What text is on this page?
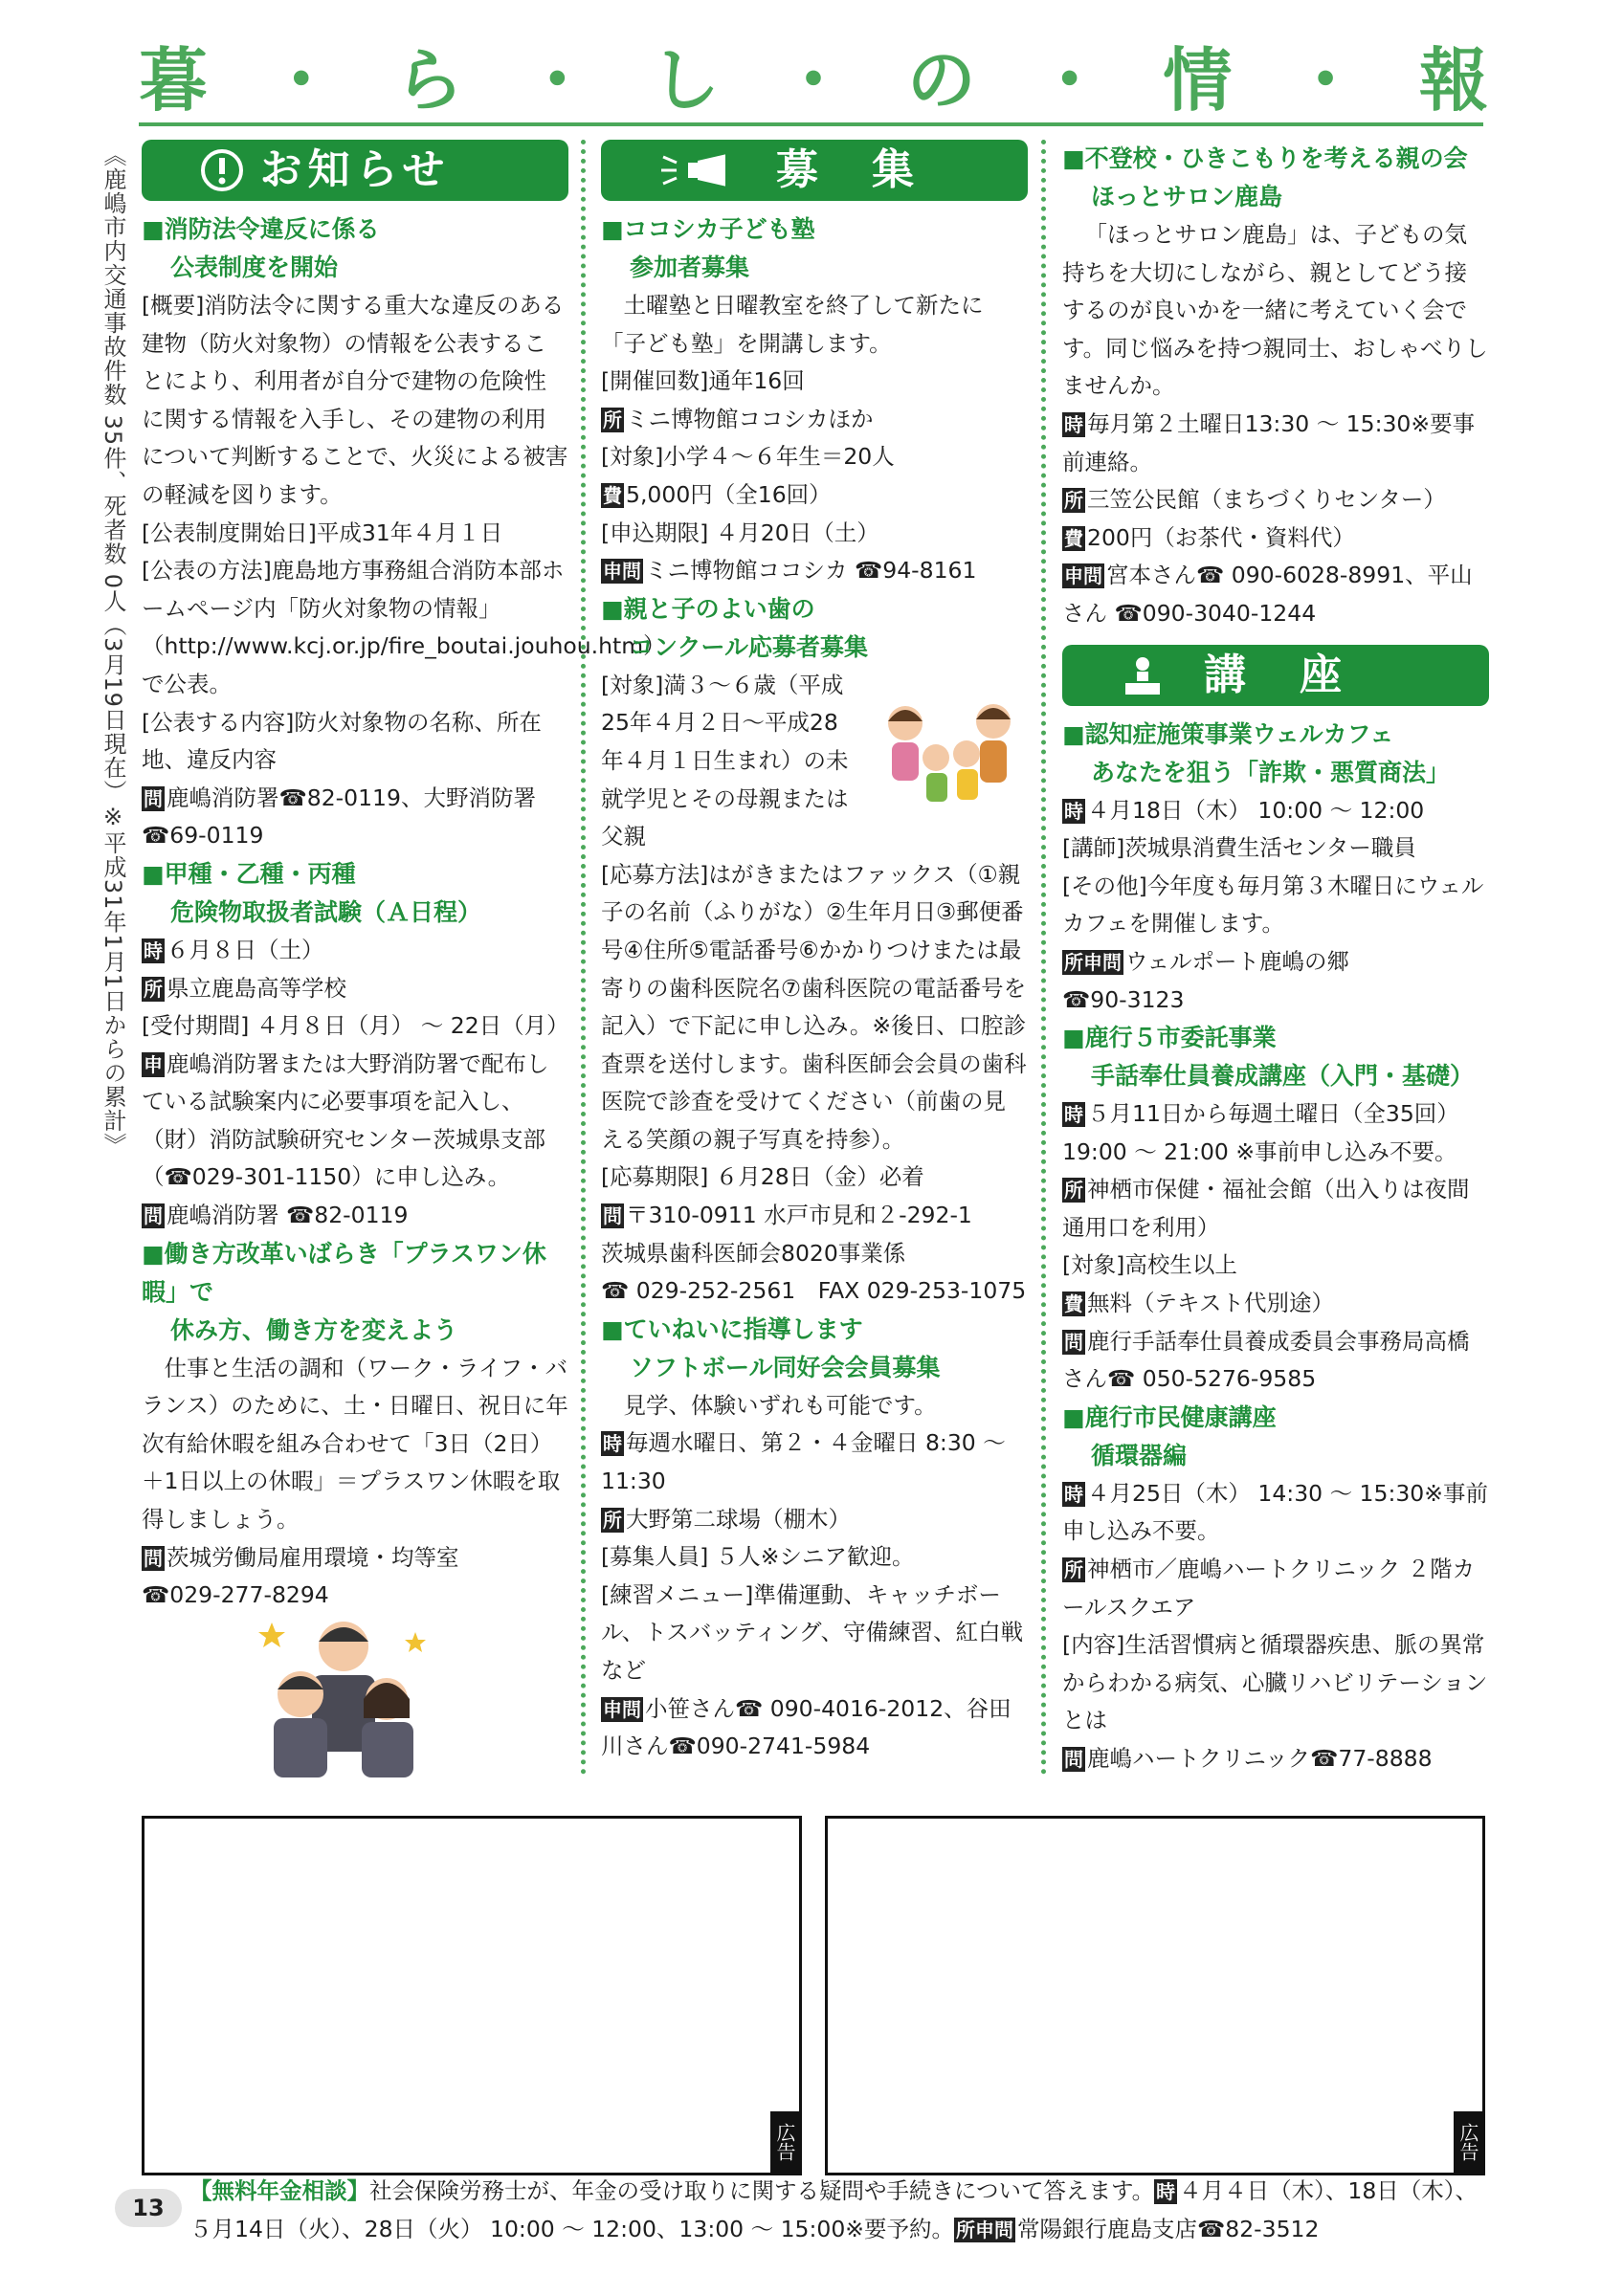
暮 ・ ら ・ し ・ の ・ 情 ・ 報
《鹿嶋市内交通事故件数 35件、死者数 0人（3月19日現在）※平成31年1月1日からの累計》	お知らせ
■消防法令違反に係る
公表制度を開始

[概要]消防法令に関する重大な違反のある建物（防火対象物）の情報を公表することにより、利用者が自分で建物の危険性に関する情報を入手し、その建物の利用について判断することで、火災による被害の軽減を図ります。

[公表制度開始日]平成31年４月１日

[公表の方法]鹿島地方事務組合消防本部ホームページ内「防火対象物の情報」（http://www.kcj.or.jp/fire_boutai.jouhou.htm）で公表。

[公表する内容]防火対象物の名称、所在地、違反内容

問 鹿嶋消防署☎82-0119、大野消防署☎69-0119

■甲種・乙種・丙種
危険物取扱者試験（Ａ日程）

時 ６月８日（土）

所 県立鹿島高等学校

[受付期間] ４月８日（月） ～ 22日（月）

申 鹿嶋消防署または大野消防署で配布している試験案内に必要事項を記入し、（財）消防試験研究センター茨城県支部（☎029-301-1150）に申し込み。

問 鹿嶋消防署 ☎82-0119

■働き方改革いばらき「プラスワン休暇」で
休み方、働き方を変えよう

仕事と生活の調和（ワーク・ライフ・バランス）のために、土・日曜日、祝日に年次有給休暇を組み合わせて「3日（2日）＋1日以上の休暇」＝プラスワン休暇を取得しましょう。

問 茨城労働局雇用環境・均等室

☎029-277-8294

募　集
■ココシカ子ども塾
参加者募集

土曜塾と日曜教室を終了して新たに「子ども塾」を開講します。

[開催回数]通年16回

所 ミニ博物館ココシカほか

[対象]小学４～６年生＝20人

費 5,000円（全16回）

[申込期限] ４月20日（土）

申問 ミニ博物館ココシカ ☎94-8161

■親と子のよい歯の
コンクール応募者募集

[対象]満３～６歳（平成25年４月２日～平成28年４月１日生まれ）の未就学児とその母親または父親

[応募方法]はがきまたはファックス（①親子の名前（ふりがな）②生年月日③郵便番号④住所⑤電話番号⑥かかりつけまたは最寄りの歯科医院名⑦歯科医院の電話番号を記入）で下記に申し込み。※後日、口腔診査票を送付します。歯科医師会会員の歯科医院で診査を受けてください（前歯の見える笑顔の親子写真を持参）。

[応募期限] ６月28日（金）必着

問 〒310-0911 水戸市見和２-292-1

茨城県歯科医師会8020事業係

☎ 029-252-2561　FAX 029-253-1075

■ていねいに指導します
ソフトボール同好会会員募集

見学、体験いずれも可能です。

時 毎週水曜日、第２・４金曜日 8:30 ～ 11:30

所 大野第二球場（棚木）

[募集人員] ５人※シニア歓迎。

[練習メニュー]準備運動、キャッチボール、トスバッティング、守備練習、紅白戦など

申問 小笹さん☎ 090-4016-2012、谷田川さん☎090-2741-5984

■不登校・ひきこもりを考える親の会
ほっとサロン鹿島

「ほっとサロン鹿島」は、子どもの気持ちを大切にしながら、親としてどう接するのが良いかを一緒に考えていく会です。同じ悩みを持つ親同士、おしゃべりしませんか。

時 毎月第２土曜日13:30 ～ 15:30※要事前連絡。

所 三笠公民館（まちづくりセンター）

費 200円（お茶代・資料代）

申問 宮本さん☎ 090-6028-8991、平山さん ☎090-3040-1244

講　座
■認知症施策事業ウェルカフェ
あなたを狙う「詐欺・悪質商法」

時 ４月18日（木） 10:00 ～ 12:00

[講師]茨城県消費生活センター職員

[その他]今年度も毎月第３木曜日にウェルカフェを開催します。

所申問 ウェルポート鹿嶋の郷

☎90-3123

■鹿行５市委託事業
手話奉仕員養成講座（入門・基礎）

時 ５月11日から毎週土曜日（全35回）19:00 ～ 21:00 ※事前申し込み不要。

所 神栖市保健・福祉会館（出入りは夜間通用口を利用）

[対象]高校生以上

費 無料（テキスト代別途）

問 鹿行手話奉仕員養成委員会事務局高橋さん☎ 050-5276-9585

■鹿行市民健康講座
循環器編

時 ４月25日（木） 14:30 ～ 15:30※事前申し込み不要。

所 神栖市／鹿嶋ハートクリニック ２階カールスクエア

[内容]生活習慣病と循環器疾患、脈の異常からわかる病気、心臓リハビリテーションとは

問 鹿嶋ハートクリニック☎77-8888

広告	広告
13
【無料年金相談】社会保険労務士が、年金の受け取りに関する疑問や手続きについて答えます。 時 ４月４日（木）、18日（木）、５月14日（火）、28日（火） 10:00 ～ 12:00、13:00 ～ 15:00※要予約。 所申問 常陽銀行鹿島支店☎82-3512
